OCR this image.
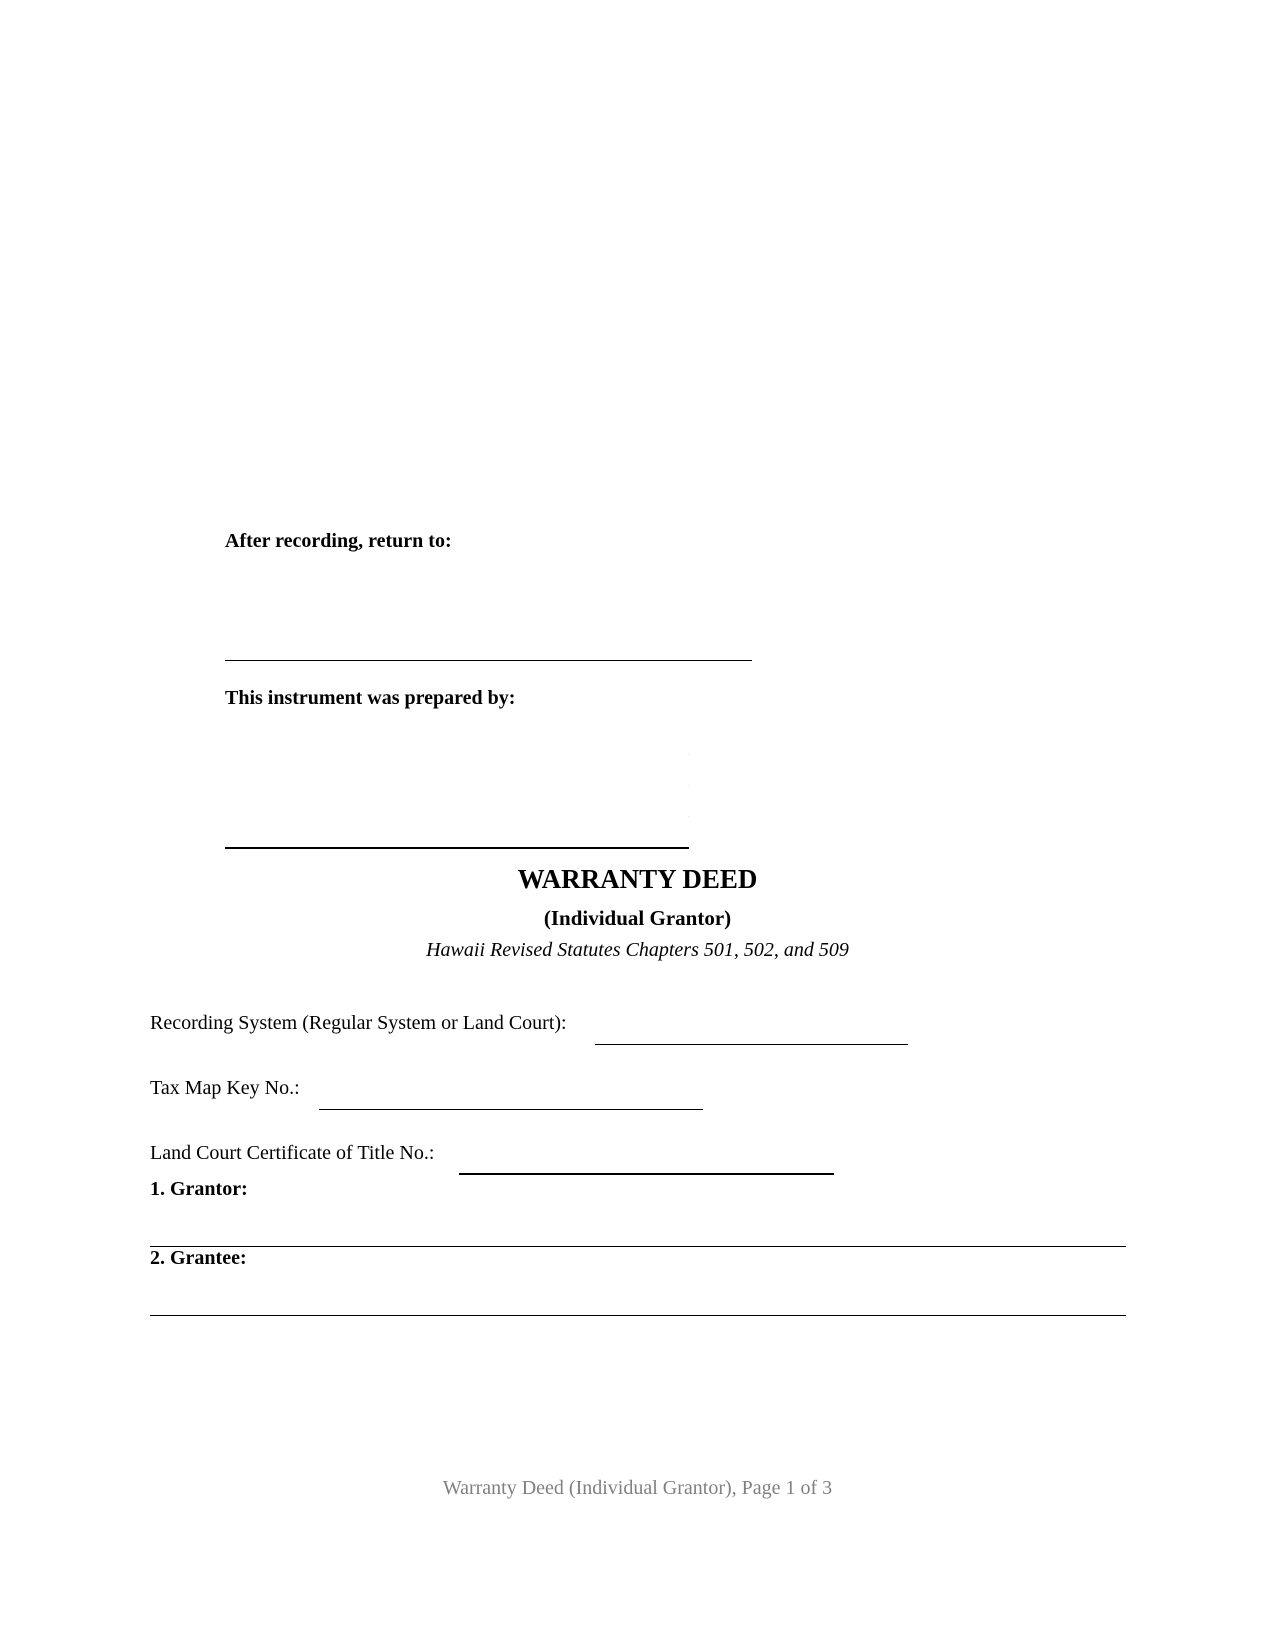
After recording, return to:
This instrument was prepared by:
WARRANTY DEED
(Individual Grantor)
Hawaii Revised Statutes Chapters 501, 502, and 509
Recording System (Regular System or Land Court):
Tax Map Key No.:
Land Court Certificate of Title No.:
1. Grantor:
2. Grantee:
Warranty Deed (Individual Grantor), Page 1 of 3
